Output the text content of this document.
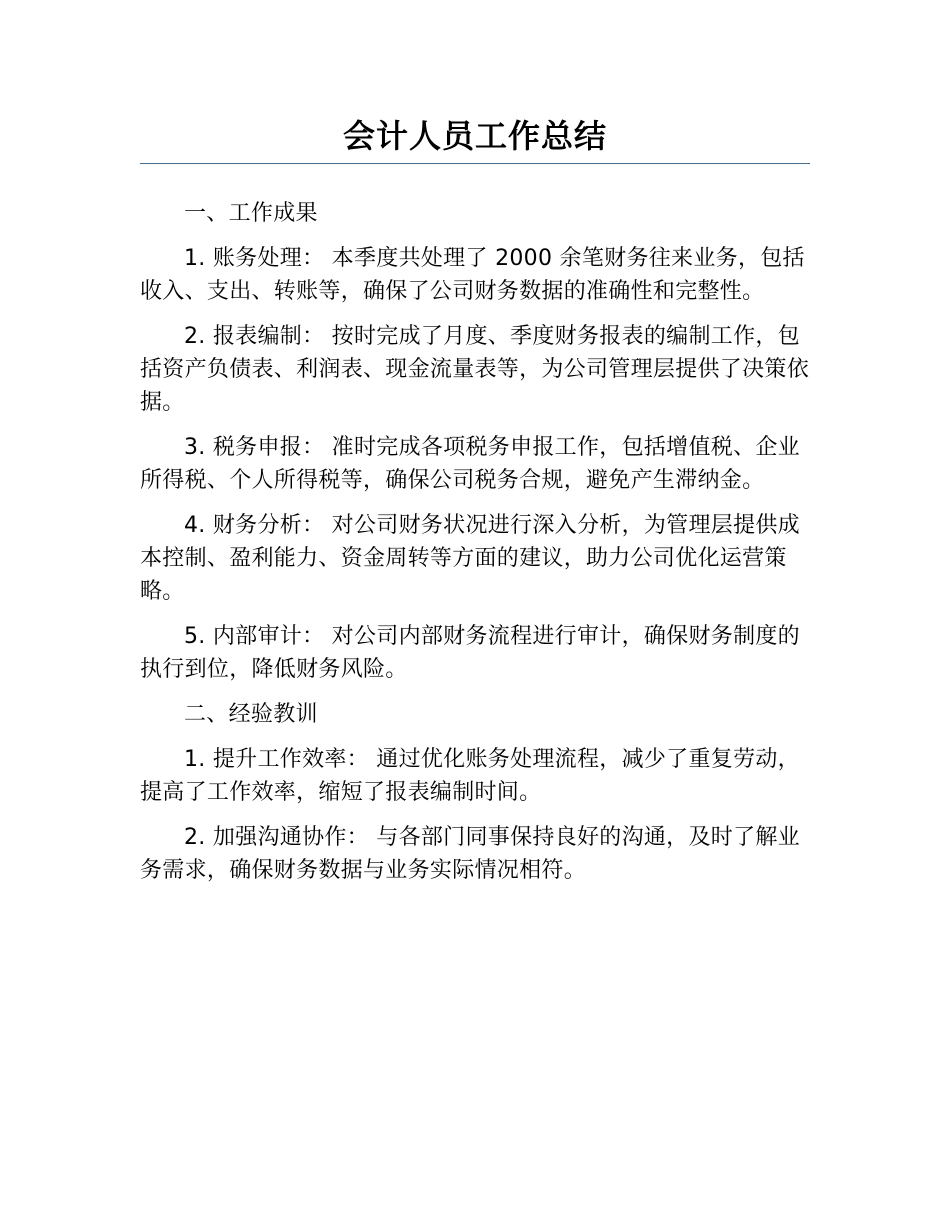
会计人员工作总结

一、工作成果

1. 账务处理： 本季度共处理了 2000 余笔财务往来业务，包括收入、支出、转账等，确保了公司财务数据的准确性和完整性。

2. 报表编制： 按时完成了月度、季度财务报表的编制工作，包括资产负债表、利润表、现金流量表等，为公司管理层提供了决策依据。

3. 税务申报： 准时完成各项税务申报工作，包括增值税、企业所得税、个人所得税等，确保公司税务合规，避免产生滞纳金。

4. 财务分析： 对公司财务状况进行深入分析，为管理层提供成本控制、盈利能力、资金周转等方面的建议，助力公司优化运营策略。

5. 内部审计： 对公司内部财务流程进行审计，确保财务制度的执行到位，降低财务风险。

二、经验教训

1. 提升工作效率： 通过优化账务处理流程，减少了重复劳动，提高了工作效率，缩短了报表编制时间。

2. 加强沟通协作： 与各部门同事保持良好的沟通，及时了解业务需求，确保财务数据与业务实际情况相符。
